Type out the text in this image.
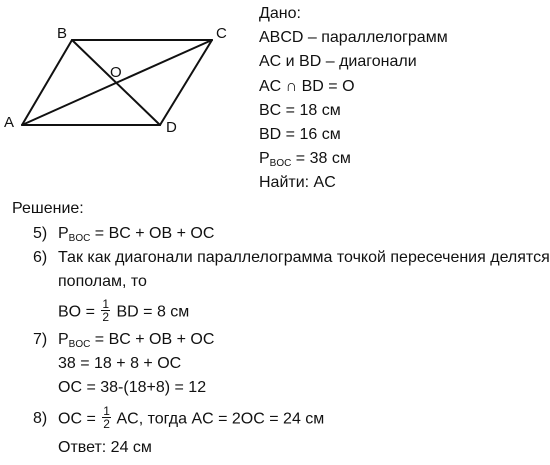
A
B	C
D
O
Дано:
ABCD – параллелограмм
AC и BD – диагонали
AC ∩ BD = O
BC = 18 см
BD = 16 см
$P_{BOC} = 38$ см
Найти: AC
Решение:
5) $P_{BOC}$ = BC + OB + OC
6) Так как диагонали параллелограмма точкой пересечения делятся
пополам, то
BO = $\frac{1}{2}$ BD = 8 см
7) $P_{BOC}$ = BC + OB + OC
38 = 18 + 8 + OC
OC = 38-(18+8) = 12
8) OC = $\frac{1}{2}$ AC, тогда AC = 2OC = 24 см
Ответ: 24 см
